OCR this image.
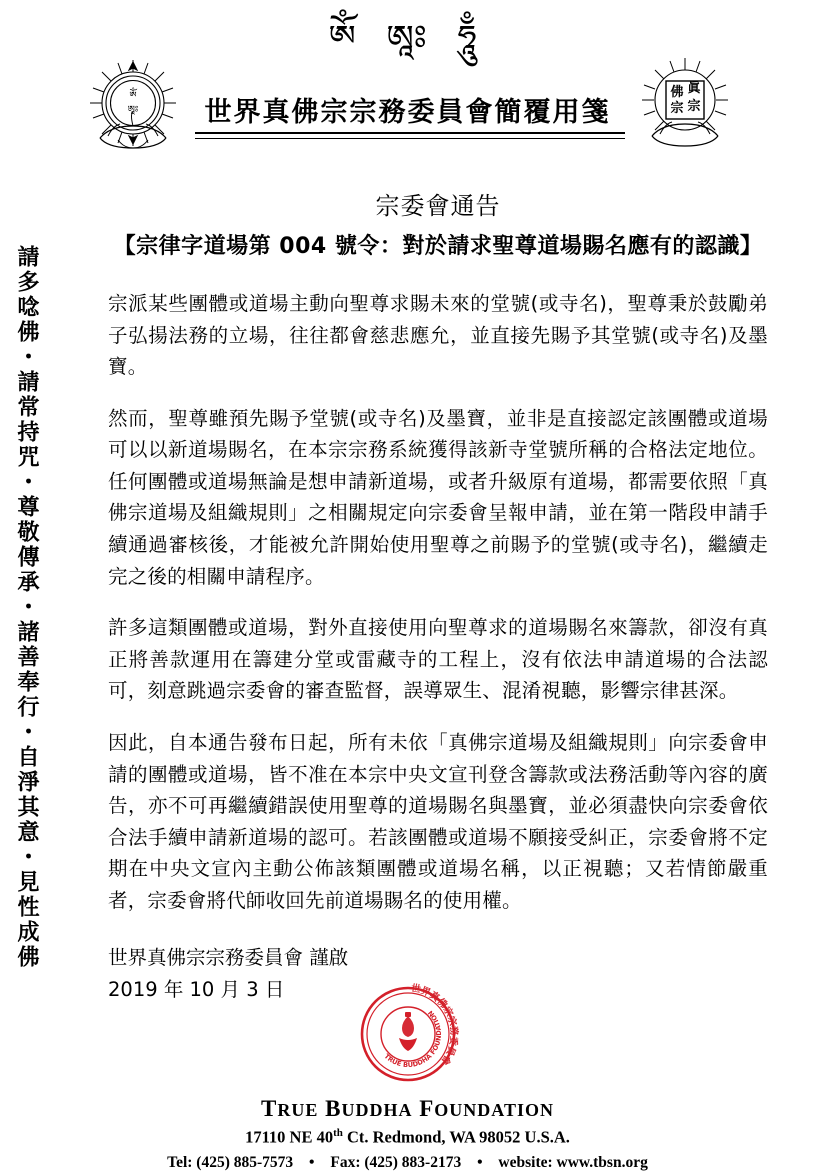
ༀ
ཨཱཿ
佛 眞
宗 宗
ༀ ཨཱཿ ཧཱུྃ
世界真佛宗宗務委員會簡覆用箋
請多唸佛・請常持咒・尊敬傳承・諸善奉行・自淨其意・見性成佛
宗委會通告
【宗律字道場第 004 號令：對於請求聖尊道場賜名應有的認識】

宗派某些團體或道場主動向聖尊求賜未來的堂號(或寺名)，聖尊秉於鼓勵弟子弘揚法務的立場，往往都會慈悲應允，並直接先賜予其堂號(或寺名)及墨寶。

然而，聖尊雖預先賜予堂號(或寺名)及墨寶，並非是直接認定該團體或道場可以以新道場賜名，在本宗宗務系統獲得該新寺堂號所稱的合格法定地位。任何團體或道場無論是想申請新道場，或者升級原有道場，都需要依照「真佛宗道場及組織規則」之相關規定向宗委會呈報申請，並在第一階段申請手續通過審核後，才能被允許開始使用聖尊之前賜予的堂號(或寺名)，繼續走完之後的相關申請程序。

許多這類團體或道場，對外直接使用向聖尊求的道場賜名來籌款，卻沒有真正將善款運用在籌建分堂或雷藏寺的工程上，沒有依法申請道場的合法認可，刻意跳過宗委會的審查監督，誤導眾生、混淆視聽，影響宗律甚深。

因此，自本通告發布日起，所有未依「真佛宗道場及組織規則」向宗委會申請的團體或道場，皆不准在本宗中央文宣刊登含籌款或法務活動等內容的廣告，亦不可再繼續錯誤使用聖尊的道場賜名與墨寶，並必須盡快向宗委會依合法手續申請新道場的認可。若該團體或道場不願接受糾正，宗委會將不定期在中央文宣內主動公佈該類團體或道場名稱，以正視聽；又若情節嚴重者，宗委會將代師收回先前道場賜名的使用權。

世界真佛宗宗務委員會 謹啟
2019 年 10 月 3 日	世界真佛宗宗務委員會
TRUE BUDDHA FOUNDATION
TRUE BUDDHA FOUNDATION
17110 NE 40th Ct. Redmond, WA 98052 U.S.A.
Tel: (425) 885-7573 • Fax: (425) 883-2173 • website: www.tbsn.org
